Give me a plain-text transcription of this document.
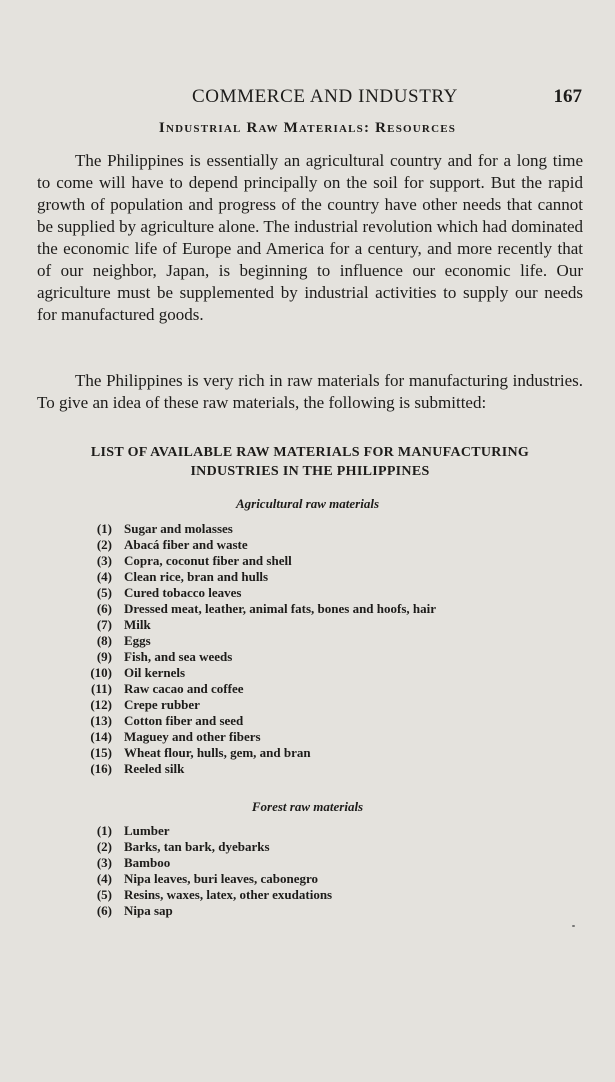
COMMERCE AND INDUSTRY	167
Industrial Raw Materials: Resources

The Philippines is essentially an agricultural country and for a long time to come will have to depend principally on the soil for support. But the rapid growth of population and progress of the country have other needs that cannot be supplied by agriculture alone. The industrial revolution which had dominated the economic life of Europe and America for a century, and more recently that of our neighbor, Japan, is beginning to influence our economic life. Our agriculture must be supplemented by industrial activities to supply our needs for manufactured goods.

The Philippines is very rich in raw materials for manufacturing industries. To give an idea of these raw materials, the following is submitted:

LIST OF AVAILABLE RAW MATERIALS FOR MANUFACTURING
INDUSTRIES IN THE PHILIPPINES
Agricultural raw materials
(1) Sugar and molasses
(2) Abacá fiber and waste
(3) Copra, coconut fiber and shell
(4) Clean rice, bran and hulls
(5) Cured tobacco leaves
(6) Dressed meat, leather, animal fats, bones and hoofs, hair
(7) Milk
(8) Eggs
(9) Fish, and sea weeds
(10) Oil kernels
(11) Raw cacao and coffee
(12) Crepe rubber
(13) Cotton fiber and seed
(14) Maguey and other fibers
(15) Wheat flour, hulls, gem, and bran
(16) Reeled silk
Forest raw materials
(1) Lumber
(2) Barks, tan bark, dyebarks
(3) Bamboo
(4) Nipa leaves, buri leaves, cabonegro
(5) Resins, waxes, latex, other exudations
(6) Nipa sap
